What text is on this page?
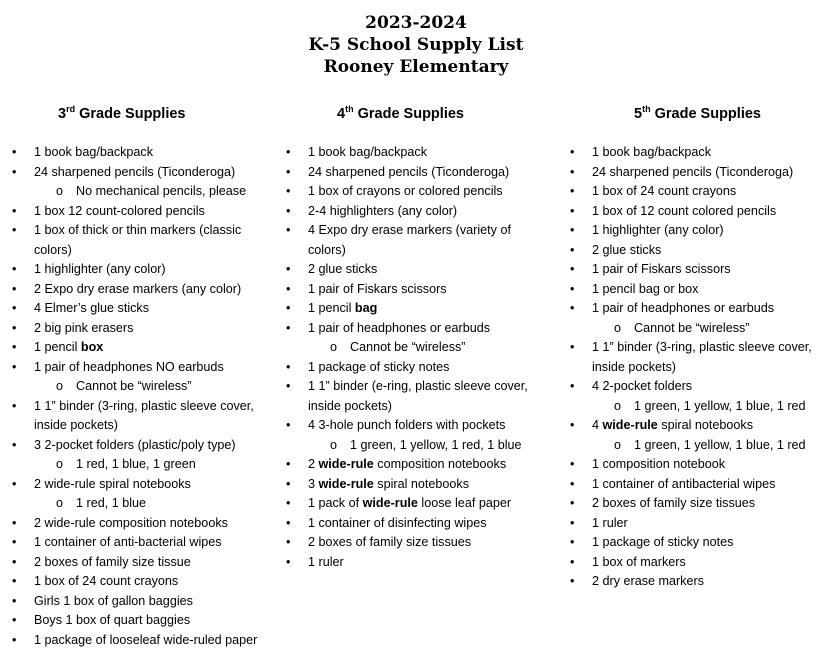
2023-2024
K-5 School Supply List
Rooney Elementary
3rd Grade Supplies
• 1 book bag/backpack
• 24 sharpened pencils (Ticonderoga)
o No mechanical pencils, please
• 1 box 12 count-colored pencils
• 1 box of thick or thin markers (classic colors)
• 1 highlighter (any color)
• 2 Expo dry erase markers (any color)
• 4 Elmer’s glue sticks
• 2 big pink erasers
• 1 pencil box
• 1 pair of headphones NO earbuds
o Cannot be “wireless”
• 1 1” binder (3-ring, plastic sleeve cover, inside pockets)
• 3 2-pocket folders (plastic/poly type)
o 1 red, 1 blue, 1 green
• 2 wide-rule spiral notebooks
o 1 red, 1 blue
• 2 wide-rule composition notebooks
• 1 container of anti-bacterial wipes
• 2 boxes of family size tissue
• 1 box of 24 count crayons
• Girls 1 box of gallon baggies
• Boys 1 box of quart baggies
• 1 package of looseleaf wide-ruled paper
4th Grade Supplies
• 1 book bag/backpack
• 24 sharpened pencils (Ticonderoga)
• 1 box of crayons or colored pencils
• 2-4 highlighters (any color)
• 4 Expo dry erase markers (variety of colors)
• 2 glue sticks
• 1 pair of Fiskars scissors
• 1 pencil bag
• 1 pair of headphones or earbuds
o Cannot be “wireless”
• 1 package of sticky notes
• 1 1” binder (e-ring, plastic sleeve cover, inside pockets)
• 4 3-hole punch folders with pockets
o 1 green, 1 yellow, 1 red, 1 blue
• 2 wide-rule composition notebooks
• 3 wide-rule spiral notebooks
• 1 pack of wide-rule loose leaf paper
• 1 container of disinfecting wipes
• 2 boxes of family size tissues
• 1 ruler
5th Grade Supplies
• 1 book bag/backpack
• 24 sharpened pencils (Ticonderoga)
• 1 box of 24 count crayons
• 1 box of 12 count colored pencils
• 1 highlighter (any color)
• 2 glue sticks
• 1 pair of Fiskars scissors
• 1 pencil bag or box
• 1 pair of headphones or earbuds
o Cannot be “wireless”
• 1 1” binder (3-ring, plastic sleeve cover, inside pockets)
• 4 2-pocket folders
o 1 green, 1 yellow, 1 blue, 1 red
• 4 wide-rule spiral notebooks
o 1 green, 1 yellow, 1 blue, 1 red
• 1 composition notebook
• 1 container of antibacterial wipes
• 2 boxes of family size tissues
• 1 ruler
• 1 package of sticky notes
• 1 box of markers
• 2 dry erase markers
